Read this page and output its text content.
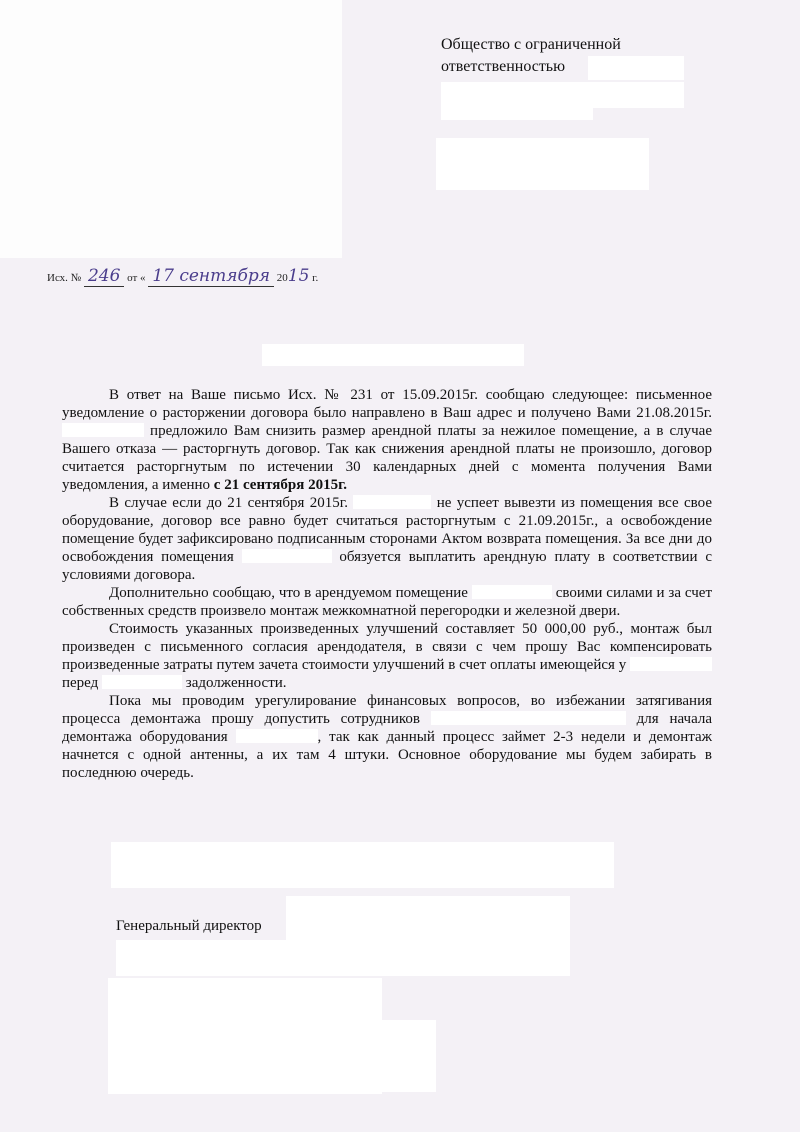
Общество с ограниченной
ответственностью
Исх. № 246 от « 17 сентября 2015 г.

В ответ на Ваше письмо Исх. № 231 от 15.09.2015г. сообщаю следующее: письменное уведомление о расторжении договора было направлено в Ваш адрес и получено Вами 21.08.2015г.  предложило Вам снизить размер арендной платы за нежилое помещение, а в случае Вашего отказа — расторгнуть договор. Так как снижения арендной платы не произошло, договор считается расторгнутым по истечении 30 календарных дней с момента получения Вами уведомления, а именно с 21 сентября 2015г.

В случае если до 21 сентября 2015г.	не успеет вывезти из помещения все свое оборудование, договор все равно будет считаться расторгнутым с 21.09.2015г., а освобождение помещение будет зафиксировано подписанным сторонами Актом возврата помещения. За все дни до освобождения помещения	обязуется выплатить арендную плату в соответствии с условиями договора.

Дополнительно сообщаю, что в арендуемом помещение	своими силами и за счет собственных средств произвело монтаж межкомнатной перегородки и железной двери.

Стоимость указанных произведенных улучшений составляет 50 000,00 руб., монтаж был произведен с письменного согласия арендодателя, в связи с чем прошу Вас компенсировать произведенные затраты путем зачета стоимости улучшений в счет оплаты имеющейся у  перед	задолженности.

Пока мы проводим урегулирование финансовых вопросов, во избежании затягивания процесса демонтажа прошу допустить сотрудников	для начала демонтажа оборудования	, так как данный процесс займет 2-3 недели и демонтаж начнется с одной антенны, а их там 4 штуки. Основное оборудование мы будем забирать в последнюю очередь.

Генеральный директор
